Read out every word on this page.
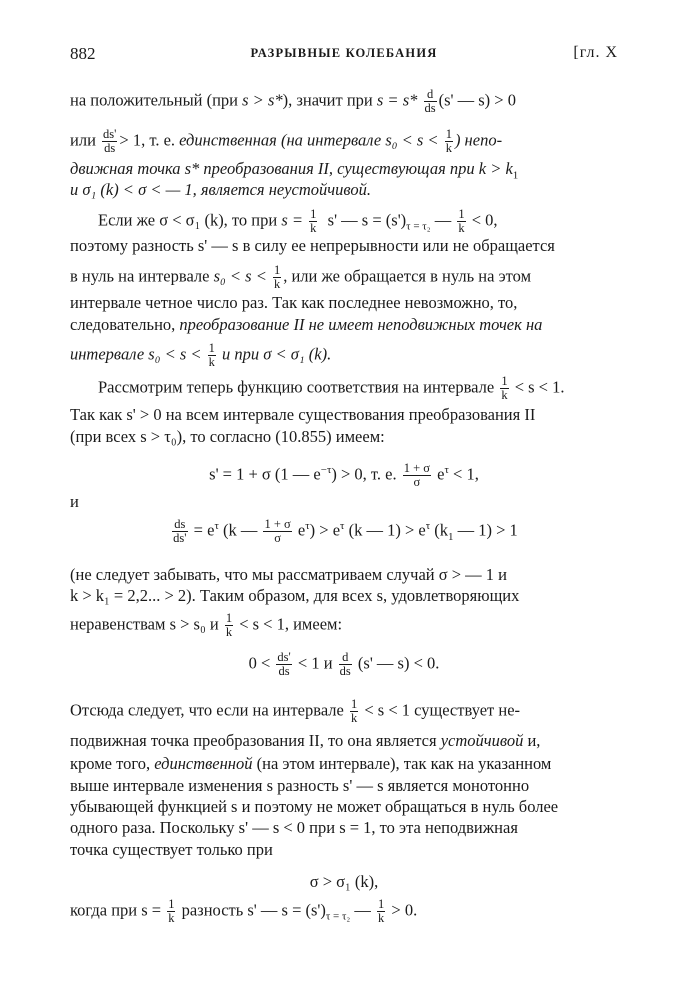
882	РАЗРЫВНЫЕ КОЛЕБАНИЯ	[гл. X
на положительный (при s > s*), значит при $s = s* \frac{d}{ds} (s'$ — s) > 0
или $\frac{ds'}{ds} > 1$, т. е. единственная (на интервале $s_0 < s < \frac{1}{k}$ ) непо-
движная точка s* преобразования II, существующая при $k > k_1$
и σ₁ (k) < σ < — 1, является неустойчивой.
Если же σ < σ₁ (k), то при $s = \frac{1}{k} s'$ — $s = (s')_{\tau = \tau_2}$ — $\frac{1}{k} < 0$,
поэтому разность s' — s в силу ее непрерывности или не обращается
в нуль на интервале $s_0 < s < \frac{1}{k}$ , или же обращается в нуль на этом
интервале четное число раз. Так как последнее невозможно, то,
следовательно, преобразование II не имеет неподвижных точек на
интервале $s_0 < s < \frac{1}{k}$ и при σ < σ₁ (k).
Рассмотрим теперь функцию соответствия на интервале $\frac{1}{k} < s < 1$.
Так как s' > 0 на всем интервале существования преобразования II
(при всех s > τ₀), то согласно (10.855) имеем:
s' = 1 + σ (1 — $e^{-\tau}) > 0$, т. е. $\frac{1 + \sigma}{\sigma} e^\tau < 1$,
и
$\frac{ds}{ds'} = e^\tau$ (k — $\frac{1 + \sigma}{\sigma} e^\tau) > e^\tau$ (k — $1) > e^\tau$ ($k_1$ — 1) > 1
(не следует забывать, что мы рассматриваем случай σ > — 1 и
k > k₁ = 2,2... > 2). Таким образом, для всех s, удовлетворяющих
неравенствам s > s₀ и $\frac{1}{k} < s < 1$, имеем:
$0 < \frac{ds'}{ds} < 1$ и $\frac{d}{ds} (s'$ — s) < 0.
Отсюда следует, что если на интервале $\frac{1}{k} < s < 1$ существует не-
подвижная точка преобразования II, то она является устойчивой и,
кроме того, единственной (на этом интервале), так как на указанном
выше интервале изменения s разность s' — s является монотонно
убывающей функцией s и поэтому не может обращаться в нуль более
одного раза. Поскольку s' — s < 0 при s = 1, то эта неподвижная
точка существует только при
σ > σ₁ (k),
когда при $s = \frac{1}{k}$ разность s' — $s = (s')_{\tau = \tau_2}$ — $\frac{1}{k} > 0$.
